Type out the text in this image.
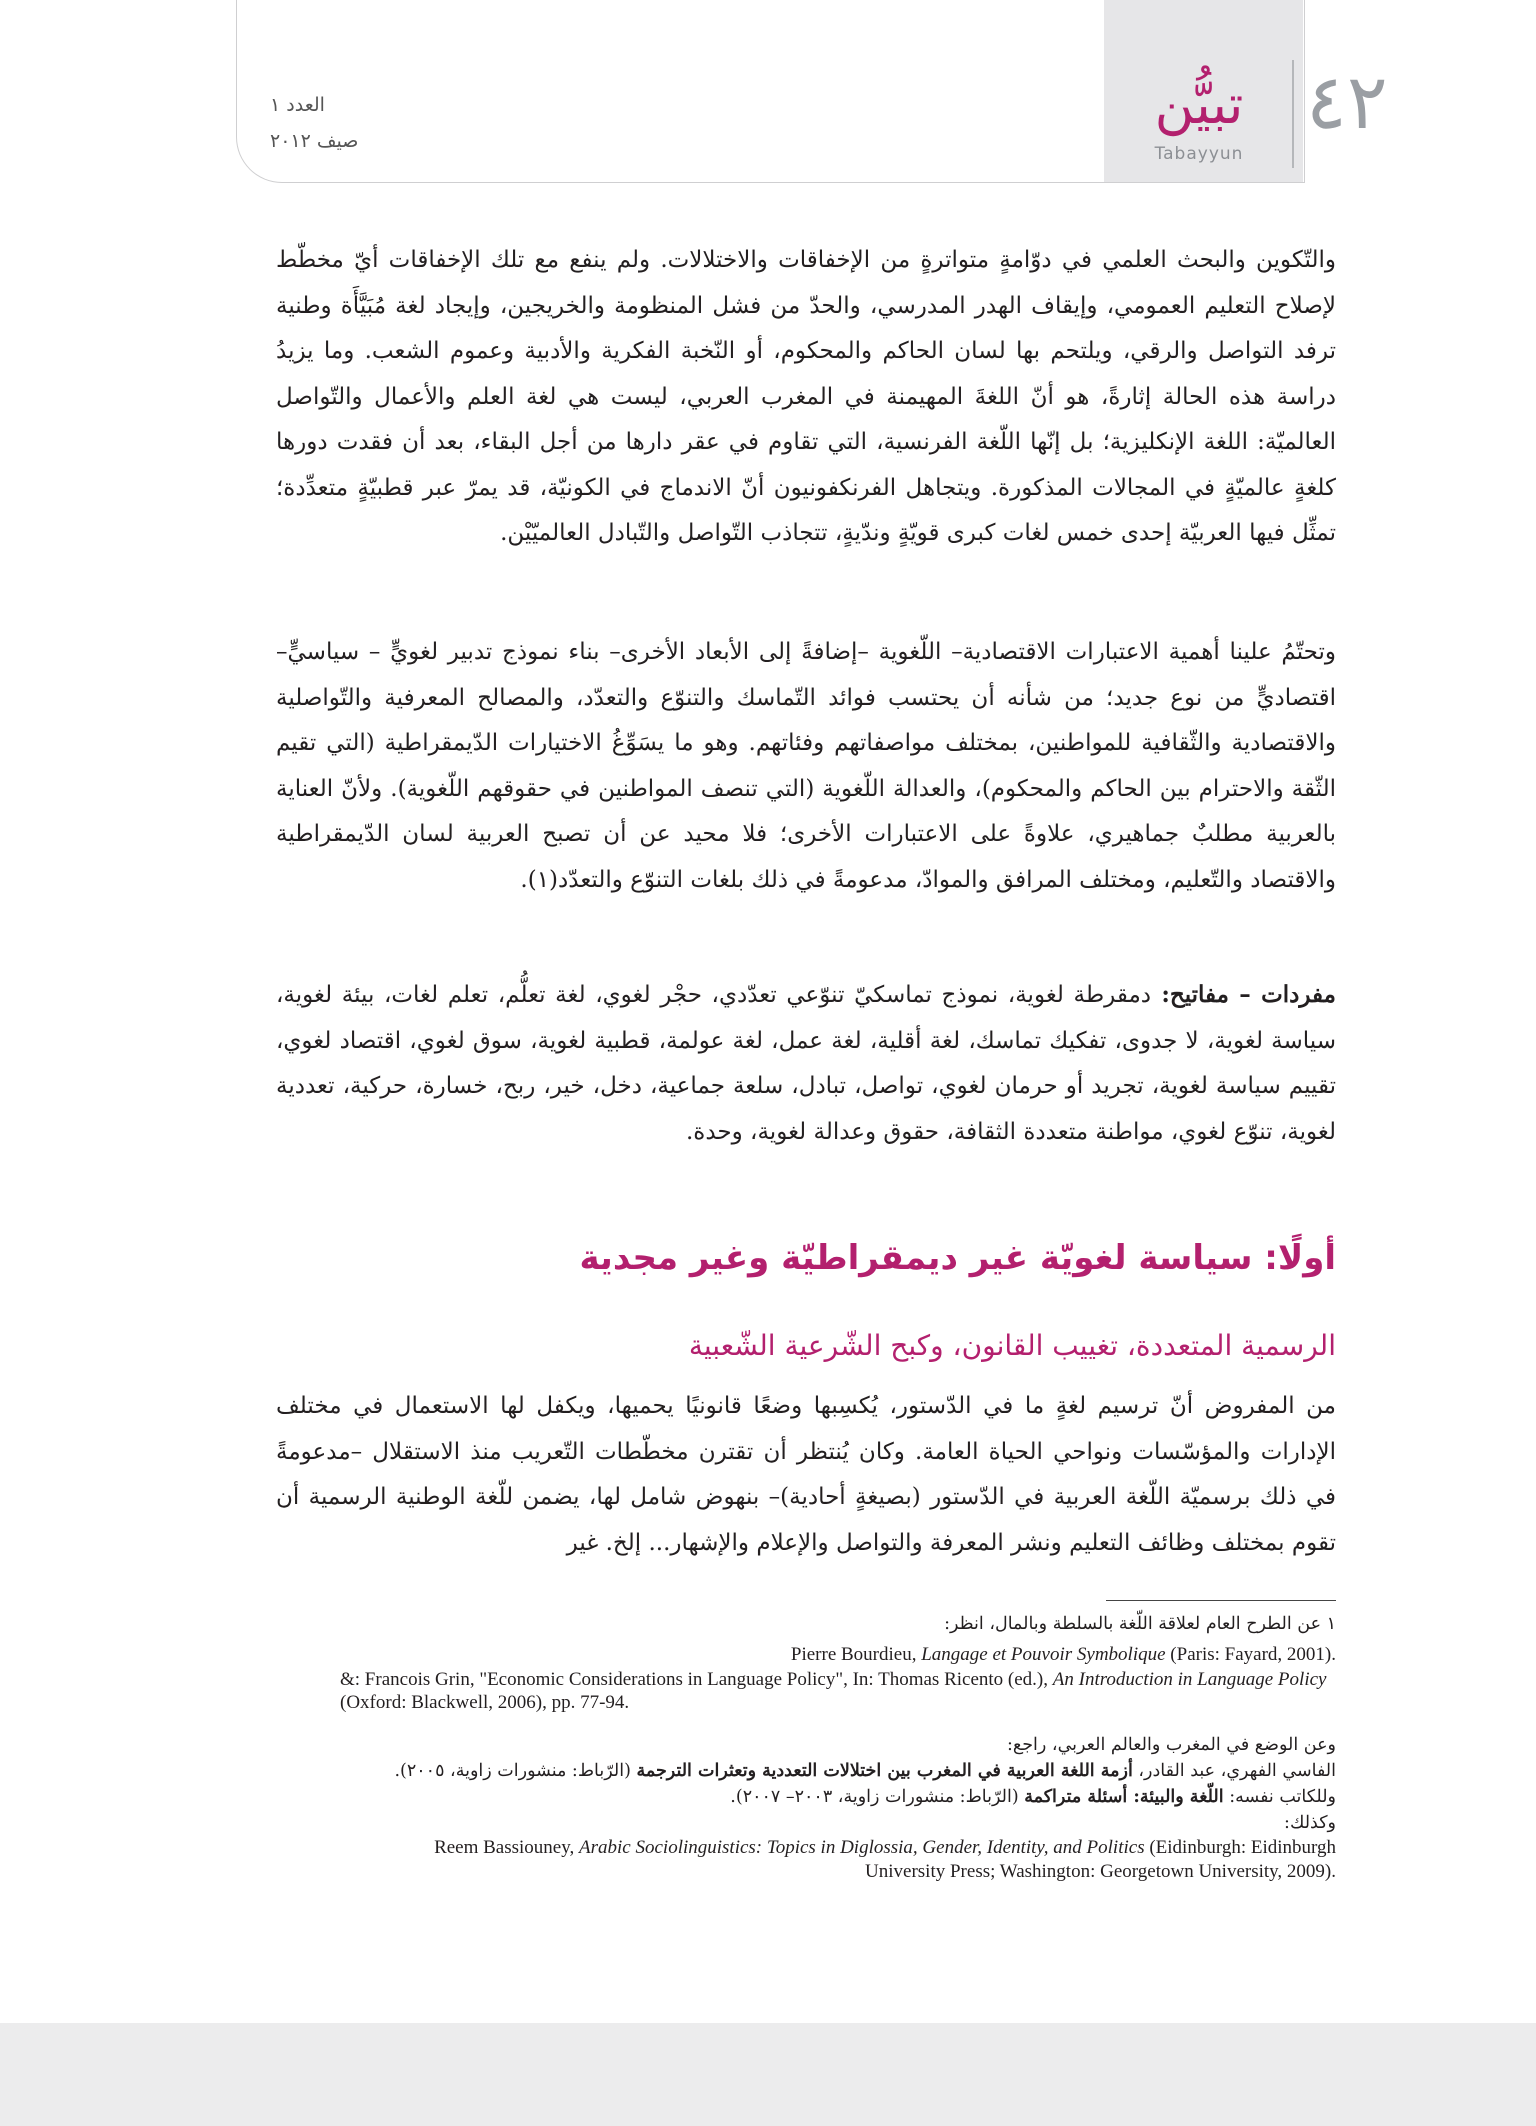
٤٢
تبيُّن
Tabayyun
العدد ١
صيف ٢٠١٢

والتّكوين والبحث العلمي في دوّامةٍ متواترةٍ من الإخفاقات والاختلالات. ولم ينفع مع تلك الإخفاقات أيّ مخطّط لإصلاح التعليم العمومي، وإيقاف الهدر المدرسي، والحدّ من فشل المنظومة والخريجين، وإيجاد لغة مُبَيَّأَة وطنية ترفد التواصل والرقي، ويلتحم بها لسان الحاكم والمحكوم، أو النّخبة الفكرية والأدبية وعموم الشعب. وما يزيدُ دراسة هذه الحالة إثارةً، هو أنّ اللغةَ المهيمنة في المغرب العربي، ليست هي لغة العلم والأعمال والتّواصل العالميّة: اللغة الإنكليزية؛ بل إنّها اللّغة الفرنسية، التي تقاوم في عقر دارها من أجل البقاء، بعد أن فقدت دورها كلغةٍ عالميّةٍ في المجالات المذكورة. ويتجاهل الفرنكفونيون أنّ الاندماج في الكونيّة، قد يمرّ عبر قطبيّةٍ متعدِّدة؛ تمثِّل فيها العربيّة إحدى خمس لغات كبرى قويّةٍ وندّيةٍ، تتجاذب التّواصل والتّبادل العالميّيْن.

وتحتّمُ علينا أهمية الاعتبارات الاقتصادية– اللّغوية –إضافةً إلى الأبعاد الأخرى– بناء نموذج تدبير لغويٍّ – سياسيٍّ– اقتصاديٍّ من نوع جديد؛ من شأنه أن يحتسب فوائد التّماسك والتنوّع والتعدّد، والمصالح المعرفية والتّواصلية والاقتصادية والثّقافية للمواطنين، بمختلف مواصفاتهم وفئاتهم. وهو ما يسَوِّغُ الاختيارات الدّيمقراطية (التي تقيم الثّقة والاحترام بين الحاكم والمحكوم)، والعدالة اللّغوية (التي تنصف المواطنين في حقوقهم اللّغوية). ولأنّ العناية بالعربية مطلبٌ جماهيري، علاوةً على الاعتبارات الأخرى؛ فلا محيد عن أن تصبح العربية لسان الدّيمقراطية والاقتصاد والتّعليم، ومختلف المرافق والموادّ، مدعومةً في ذلك بلغات التنوّع والتعدّد(١).

مفردات – مفاتيح: دمقرطة لغوية، نموذج تماسكيّ تنوّعي تعدّدي، حجْر لغوي، لغة تعلُّم، تعلم لغات، بيئة لغوية، سياسة لغوية، لا جدوى، تفكيك تماسك، لغة أقلية، لغة عمل، لغة عولمة، قطبية لغوية، سوق لغوي، اقتصاد لغوي، تقييم سياسة لغوية، تجريد أو حرمان لغوي، تواصل، تبادل، سلعة جماعية، دخل، خير، ربح، خسارة، حركية، تعددية لغوية، تنوّع لغوي، مواطنة متعددة الثقافة، حقوق وعدالة لغوية، وحدة.

أولًا: سياسة لغويّة غير ديمقراطيّة وغير مجدية
الرسمية المتعددة، تغييب القانون، وكبح الشّرعية الشّعبية

من المفروض أنّ ترسيم لغةٍ ما في الدّستور، يُكسِبها وضعًا قانونيًا يحميها، ويكفل لها الاستعمال في مختلف الإدارات والمؤسّسات ونواحي الحياة العامة. وكان يُنتظر أن تقترن مخطّطات التّعريب منذ الاستقلال –مدعومةً في ذلك برسميّة اللّغة العربية في الدّستور (بصيغةٍ أحادية)– بنهوض شامل لها، يضمن للّغة الوطنية الرسمية أن تقوم بمختلف وظائف التعليم ونشر المعرفة والتواصل والإعلام والإشهار... إلخ. غير

١ عن الطرح العام لعلاقة اللّغة بالسلطة وبالمال، انظر:

Pierre Bourdieu, Langage et Pouvoir Symbolique (Paris: Fayard, 2001).

&: Francois Grin, "Economic Considerations in Language Policy", In: Thomas Ricento (ed.), An Introduction in Language Policy (Oxford: Blackwell, 2006), pp. 77-94.

وعن الوضع في المغرب والعالم العربي، راجع:

الفاسي الفهري، عبد القادر، أزمة اللغة العربية في المغرب بين اختلالات التعددية وتعثرات الترجمة (الرّباط: منشورات زاوية، ٢٠٠٥).

وللكاتب نفسه: اللّغة والبيئة: أسئلة متراكمة (الرّباط: منشورات زاوية، ٢٠٠٣– ٢٠٠٧).

وكذلك:

Reem Bassiouney, Arabic Sociolinguistics: Topics in Diglossia, Gender, Identity, and Politics (Eidinburgh: Eidinburgh

University Press; Washington: Georgetown University, 2009).
